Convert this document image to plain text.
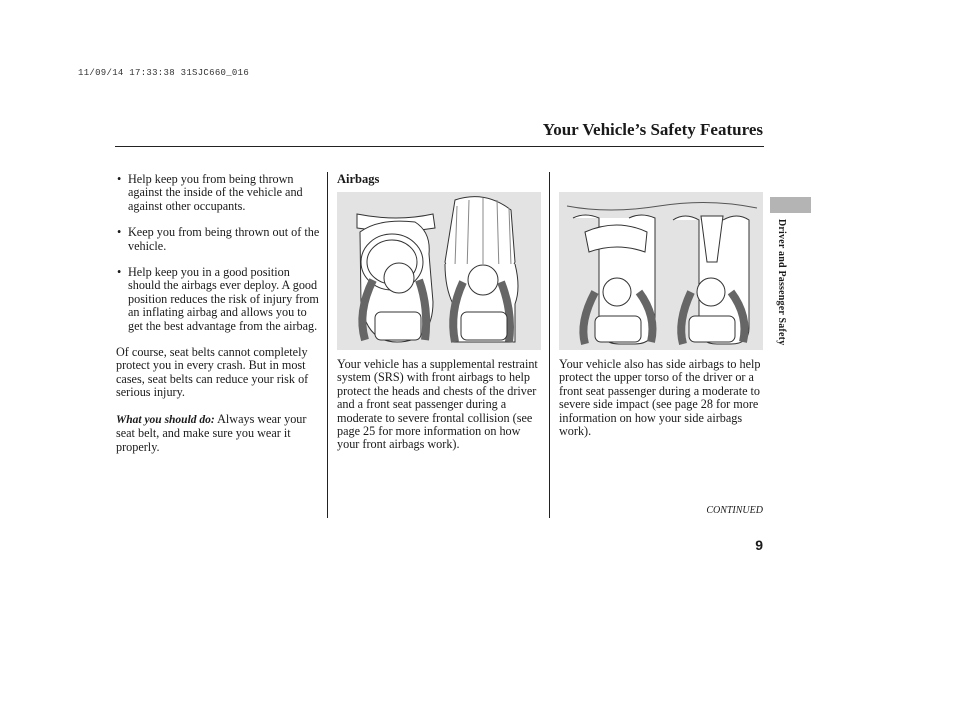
11/09/14 17:33:38 31SJC660_016
Your Vehicle’s Safety Features
• Help keep you from being thrown against the inside of the vehicle and against other occupants.
• Keep you from being thrown out of the vehicle.
• Help keep you in a good position should the airbags ever deploy. A good position reduces the risk of injury from an inflating airbag and allows you to get the best advantage from the airbag.

Of course, seat belts cannot completely protect you in every crash. But in most cases, seat belts can reduce your risk of serious injury.

What you should do: Always wear your seat belt, and make sure you wear it properly.

Airbags
Your vehicle has a supplemental restraint system (SRS) with front airbags to help protect the heads and chests of the driver and a front seat passenger during a moderate to severe frontal collision (see page 25 for more information on how your front airbags work).
Your vehicle also has side airbags to help protect the upper torso of the driver or a front seat passenger during a moderate to severe side impact (see page 28 for more information on how your side airbags work).
Driver and Passenger Safety
CONTINUED
9
